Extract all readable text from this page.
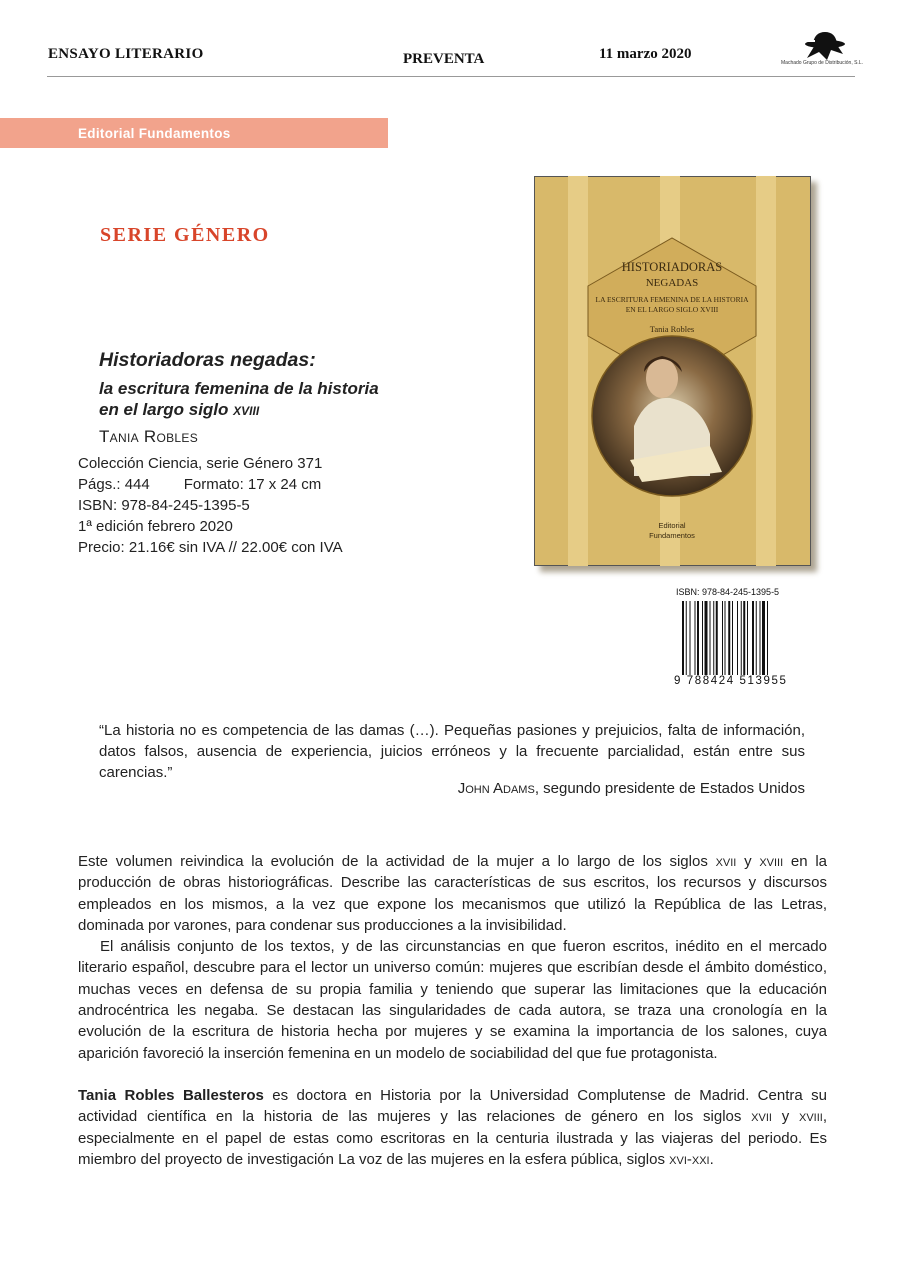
ENSAYO LITERARIO	PREVENTA	11 marzo 2020
Machado Grupo de Distribución, S.L.
Editorial Fundamentos
SERIE GÉNERO
Historiadoras negadas:
la escritura femenina de la historia
en el largo siglo xviii
Tania Robles
Colección Ciencia, serie Género 371
Págs.: 444 Formato: 17 x 24 cm
ISBN: 978-84-245-1395-5
1ª edición febrero 2020
Precio: 21.16€ sin IVA // 22.00€ con IVA
HISTORIADORAS
NEGADAS
LA ESCRITURA FEMENINA DE LA HISTORIA
EN EL LARGO SIGLO XVIII
Tania Robles
Editorial
Fundamentos
ISBN: 978-84-245-1395-5
9 788424 513955
“La historia no es competencia de las damas (…). Pequeñas pasiones y prejuicios, falta de información, datos falsos, ausencia de experiencia, juicios erróneos y la frecuente parcialidad, están entre sus carencias.”
John Adams, segundo presidente de Estados Unidos

Este volumen reivindica la evolución de la actividad de la mujer a lo largo de los siglos xvii y xviii en la producción de obras historiográficas. Describe las características de sus escritos, los recursos y discursos empleados en los mismos, a la vez que expone los mecanismos que utilizó la República de las Letras, dominada por varones, para condenar sus producciones a la invisibilidad.

El análisis conjunto de los textos, y de las circunstancias en que fueron escritos, inédito en el mercado literario español, descubre para el lector un universo común: mujeres que escribían desde el ámbito doméstico, muchas veces en defensa de su propia familia y teniendo que superar las limitaciones que la educación androcéntrica les negaba. Se destacan las singularidades de cada autora, se traza una cronología en la evolución de la escritura de historia hecha por mujeres y se examina la importancia de los salones, cuya aparición favoreció la inserción femenina en un modelo de sociabilidad del que fue protagonista.

Tania Robles Ballesteros es doctora en Historia por la Universidad Complutense de Madrid. Centra su actividad científica en la historia de las mujeres y las relaciones de género en los siglos xvii y xviii, especialmente en el papel de estas como escritoras en la centuria ilustrada y las viajeras del periodo. Es miembro del proyecto de investigación La voz de las mujeres en la esfera pública, siglos xvi-xxi.
